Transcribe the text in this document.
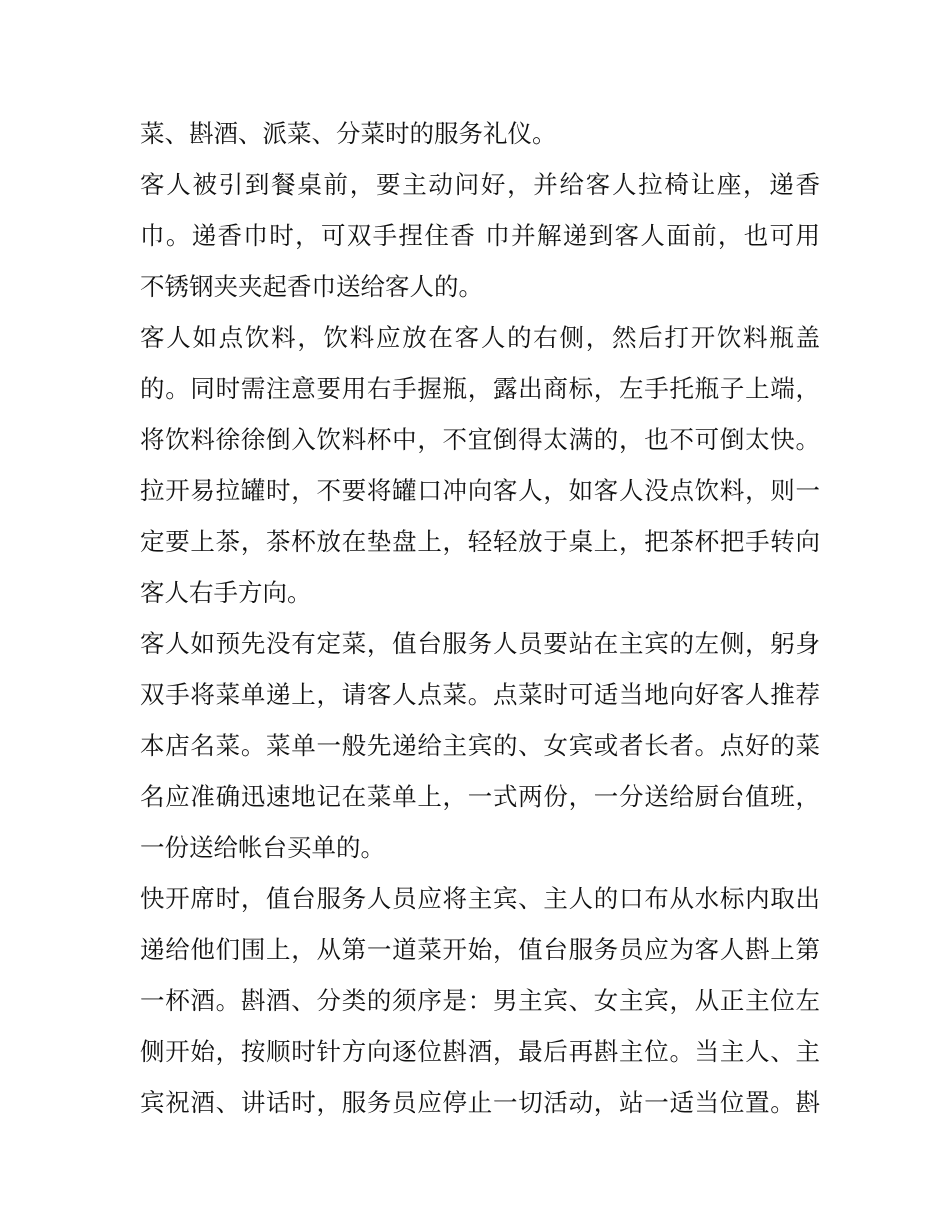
菜、斟酒、派菜、分菜时的服务礼仪。

客人被引到餐桌前，要主动问好，并给客人拉椅让座，递香

巾。递香巾时，可双手捏住香 巾并解递到客人面前，也可用

不锈钢夹夹起香巾送给客人的。

客人如点饮料，饮料应放在客人的右侧，然后打开饮料瓶盖

的。同时需注意要用右手握瓶，露出商标，左手托瓶子上端，

将饮料徐徐倒入饮料杯中，不宜倒得太满的，也不可倒太快。

拉开易拉罐时，不要将罐口冲向客人，如客人没点饮料，则一

定要上茶，茶杯放在垫盘上，轻轻放于桌上，把茶杯把手转向

客人右手方向。

客人如预先没有定菜，值台服务人员要站在主宾的左侧，躬身

双手将菜单递上，请客人点菜。点菜时可适当地向好客人推荐

本店名菜。菜单一般先递给主宾的、女宾或者长者。点好的菜

名应准确迅速地记在菜单上，一式两份，一分送给厨台值班，

一份送给帐台买单的。

快开席时，值台服务人员应将主宾、主人的口布从水标内取出

递给他们围上，从第一道菜开始，值台服务员应为客人斟上第

一杯酒。斟酒、分类的须序是：男主宾、女主宾，从正主位左

侧开始，按顺时针方向逐位斟酒，最后再斟主位。当主人、主

宾祝酒、讲话时，服务员应停止一切活动，站一适当位置。斟
